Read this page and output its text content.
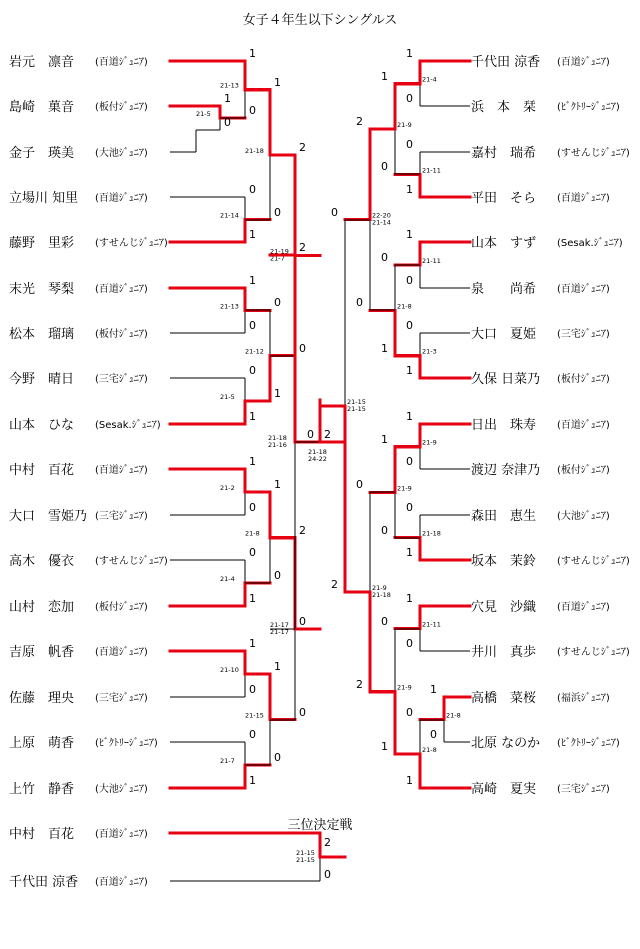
女子４年生以下シングルス
岩元　凛音 (百道ｼﾞｭﾆｱ)
島崎　菓音 (板付ｼﾞｭﾆｱ)
金子　瑛美 (大池ｼﾞｭﾆｱ)
立場川 知里 (百道ｼﾞｭﾆｱ)
藤野　里彩 (すせんじｼﾞｭﾆｱ)
末光　琴梨 (百道ｼﾞｭﾆｱ)
松本　瑠璃 (板付ｼﾞｭﾆｱ)
今野　晴日 (三宅ｼﾞｭﾆｱ)
山本　ひな (Sesak.ｼﾞｭﾆｱ)
中村　百花 (百道ｼﾞｭﾆｱ)
大口　雪姫乃 (三宅ｼﾞｭﾆｱ)
高木　優衣 (すせんじｼﾞｭﾆｱ)
山村　恋加 (板付ｼﾞｭﾆｱ)
吉原　帆香 (百道ｼﾞｭﾆｱ)
佐藤　理央 (三宅ｼﾞｭﾆｱ)
上原　萌香 (ﾋﾞｸﾄﾘｰｼﾞｭﾆｱ)
上竹　静香 (大池ｼﾞｭﾆｱ)
千代田 涼香 (百道ｼﾞｭﾆｱ)
浜　本　栞 (ﾋﾞｸﾄﾘｰｼﾞｭﾆｱ)
嘉村　瑞希 (すせんじｼﾞｭﾆｱ)
平田　そら (百道ｼﾞｭﾆｱ)
山本　すず (Sesak.ｼﾞｭﾆｱ)
泉　　尚希 (百道ｼﾞｭﾆｱ)
大口　夏姫 (三宅ｼﾞｭﾆｱ)
久保 日菜乃 (板付ｼﾞｭﾆｱ)
日出　珠寿 (百道ｼﾞｭﾆｱ)
渡辺 奈津乃 (板付ｼﾞｭﾆｱ)
森田　恵生 (大池ｼﾞｭﾆｱ)
坂本　茉鈴 (すせんじｼﾞｭﾆｱ)
穴見　沙織 (百道ｼﾞｭﾆｱ)
井川　真歩 (すせんじｼﾞｭﾆｱ)
高橋　菜桜 (福浜ｼﾞｭﾆｱ)
北原 なのか (ﾋﾞｸﾄﾘｰｼﾞｭﾆｱ)
高崎　夏実 (三宅ｼﾞｭﾆｱ)
1
0
21-5
1
0
21-13
0
1
21-14
1
0
21-13
0
1
21-5
1
0
21-2
0
1
21-4
1
0
21-10
0
1
21-7
1
0
21-18
0
1
21-12
1
0
21-8
1
0
21-15
2
0
21-19
21-7
2
0
21-17
21-17
1
0
21-4
0
1
21-11
1
0
21-11
0
1
21-3
1
0
21-9
0
1
21-18
1
0
21-11
1
0
21-8
0
1
21-8
1
0
21-9
0
1
21-8
1
0
21-9
0
1
21-9
2
0
22-20
21-14
0
2
21-9
21-18
0
2
21-15
21-15
2
0
21-18
21-16
0 2
21-18
24-22
三位決定戦
中村　百花 (百道ｼﾞｭﾆｱ)
千代田 涼香 (百道ｼﾞｭﾆｱ)
2
0
21-15
21-15
